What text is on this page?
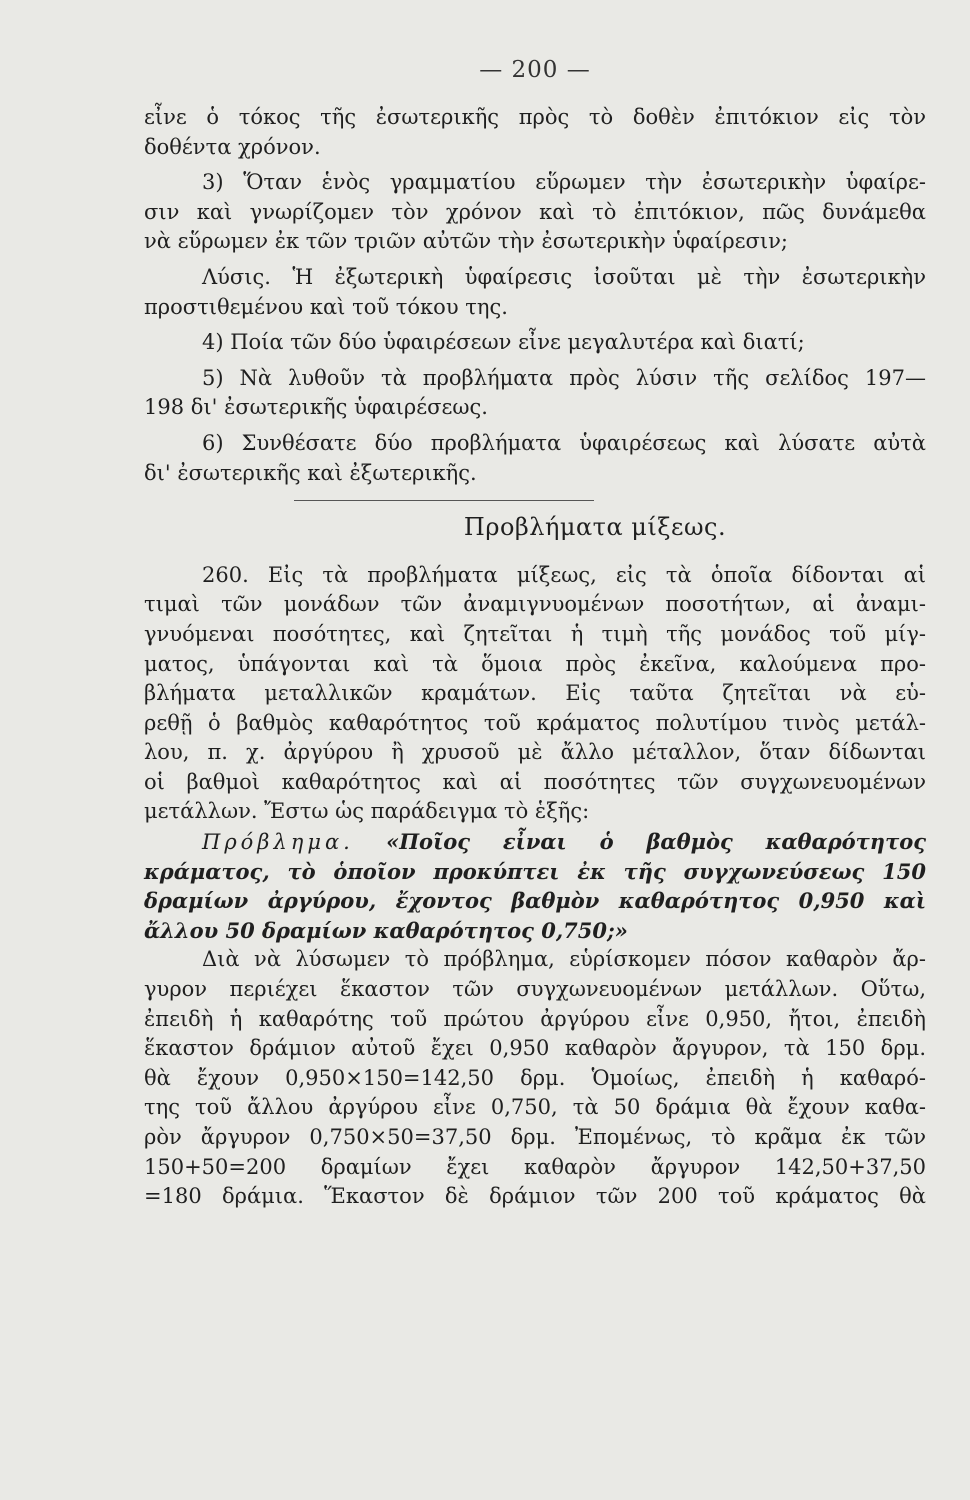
— 200 —
εἶνε ὁ τόκος τῆς ἐσωτερικῆς πρὸς τὸ δοθὲν ἐπιτόκιον εἰς τὸν
δοθέντα χρόνον.
3) Ὅταν ἑνὸς γραμματίου εὕρωμεν τὴν ἐσωτερικὴν ὑφαίρε-
σιν καὶ γνωρίζομεν τὸν χρόνον καὶ τὸ ἐπιτόκιον, πῶς δυνάμεθα
νὰ εὕρωμεν ἐκ τῶν τριῶν αὐτῶν τὴν ἐσωτερικὴν ὑφαίρεσιν;
Λύσις. Ἡ ἐξωτερικὴ ὑφαίρεσις ἰσοῦται μὲ τὴν ἐσωτερικὴν
προστιθεμένου καὶ τοῦ τόκου της.
4) Ποία τῶν δύο ὑφαιρέσεων εἶνε μεγαλυτέρα καὶ διατί;
5) Νὰ λυθοῦν τὰ προβλήματα πρὸς λύσιν τῆς σελίδος 197—
198 δι' ἐσωτερικῆς ὑφαιρέσεως.
6) Συνθέσατε δύο προβλήματα ὑφαιρέσεως καὶ λύσατε αὐτὰ
δι' ἐσωτερικῆς καὶ ἐξωτερικῆς.
Προβλήματα μίξεως.
260. Εἰς τὰ προβλήματα μίξεως, εἰς τὰ ὁποῖα δίδονται αἱ
τιμαὶ τῶν μονάδων τῶν ἀναμιγνυομένων ποσοτήτων, αἱ ἀναμι-
γνυόμεναι ποσότητες, καὶ ζητεῖται ἡ τιμὴ τῆς μονάδος τοῦ μίγ-
ματος, ὑπάγονται καὶ τὰ ὅμοια πρὸς ἐκεῖνα, καλούμενα προ-
βλήματα μεταλλικῶν κραμάτων. Εἰς ταῦτα ζητεῖται νὰ εὑ-
ρεθῇ ὁ βαθμὸς καθαρότητος τοῦ κράματος πολυτίμου τινὸς μετάλ-
λου, π. χ. ἀργύρου ἢ χρυσοῦ μὲ ἄλλο μέταλλον, ὅταν δίδωνται
οἱ βαθμοὶ καθαρότητος καὶ αἱ ποσότητες τῶν συγχωνευομένων
μετάλλων. Ἔστω ὡς παράδειγμα τὸ ἑξῆς:
Πρόβλημα. «Ποῖος εἶναι ὁ βαθμὸς καθαρότητος
κράματος, τὸ ὁποῖον προκύπτει ἐκ τῆς συγχωνεύσεως 150
δραμίων ἀργύρου, ἔχοντος βαθμὸν καθαρότητος 0,950 καὶ
ἄλλου 50 δραμίων καθαρότητος 0,750;»
Διὰ νὰ λύσωμεν τὸ πρόβλημα, εὑρίσκομεν πόσον καθαρὸν ἄρ-
γυρον περιέχει ἕκαστον τῶν συγχωνευομένων μετάλλων. Οὕτω,
ἐπειδὴ ἡ καθαρότης τοῦ πρώτου ἀργύρου εἶνε 0,950, ἤτοι, ἐπειδὴ
ἕκαστον δράμιον αὐτοῦ ἔχει 0,950 καθαρὸν ἄργυρον, τὰ 150 δρμ.
θὰ ἔχουν 0,950×150=142,50 δρμ. Ὁμοίως, ἐπειδὴ ἡ καθαρό-
της τοῦ ἄλλου ἀργύρου εἶνε 0,750, τὰ 50 δράμια θὰ ἔχουν καθα-
ρὸν ἄργυρον 0,750×50=37,50 δρμ. Ἐπομένως, τὸ κρᾶμα ἐκ τῶν
150+50=200 δραμίων ἔχει καθαρὸν ἄργυρον 142,50+37,50
=180 δράμια. Ἕκαστον δὲ δράμιον τῶν 200 τοῦ κράματος θὰ
